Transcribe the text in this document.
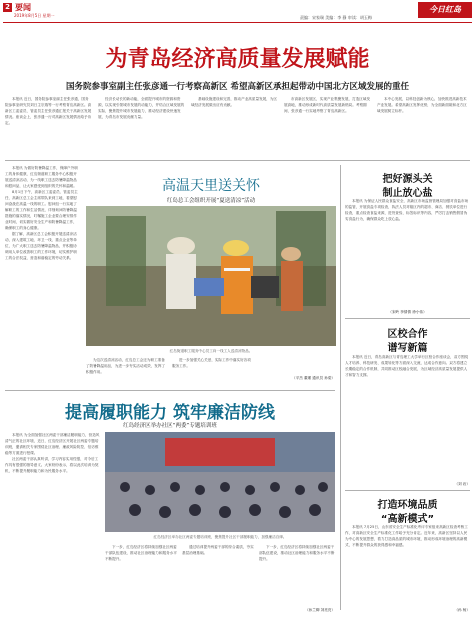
2 要闻
2019年8月5日 星期一	责编：宋家瑞 美编：李 静 审读：胡玉梅
今日红岛
为青岛经济高质量发展赋能
国务院参事室副主任张彦通一行考察高新区 希望高新区承担起带动中国北方区域发展的重任

本报讯 近日，国务院参事室副主任张彦通，国务院参事室研究员刘日主宗瑞等一行考察青岛高新区。高新区工委委员、管委员主任张彦通汇报关于高新区发展情况。座谈会上，张彦通一行对高新区发展情况给予肯定。

经济长动长的新动能，全面提升城市的资源和资源，以实现引领城市发展的动能力，并结合区域发展的实际，聚焦提升城市发展能力，推动经济建设快速发展，为青岛市发展贡献力量。

基础设施建设和完善，推动产业高质量发展，为区域经济发展做出应有贡献。

市高新区发展区，实现产业集聚发展，打造区域发展高地，推动形成新时代高质量发展新格局。考察期间，张彦通一行实地考察了青岛高新区。

本中心发展，以科技创新为核心，加快推进高新技术产业发展。希望高新区发挥优势，为全面新面貌和北方区域发展树立标杆。

本报讯 为做好防暑降温工作，保障户外职工的身体健康，红岛街道职工服务中心积极开展送清凉活动，为一线职工送去防暑降温物品和慰问品，让大家感受到组织的关怀和温暖。

8月1日下午，高新区工委委员、管委员主任、高新区总工会主席带队来到工地，看望慰问奋战在高温一线的职工。慰问组一行实地了解职工的工作和生活情况，详细询问防暑降温措施的落实情况，叮嘱施工企业要合理安排作业时间，切实做好安全生产和防暑降温工作，确保职工的身心健康。

据了解，高新区总工会积极开展送清凉活动，深入建筑工地、环卫一线、重点企业等单位，为广大职工送去防暑降温物品，并积极协调用人单位改善职工的工作环境，切实维护职工的合法权益，营造和谐稳定的劳动关系。

高温天里送关怀
红岛总工会组织开展“夏送清凉”活动
红岛街道职工服务中心员工向一线工人送清凉物品。

为这次送清凉活动，红岛总工会还为职工准备了防暑降温用品，为进一步夯实活动成效，发挥了积极作用。

进一步加强关心关爱，实际工作中落实好各项服务工作。

（平杰 董瑾 通讯员 孙梁）
把好源头关
制止放心盐

本报讯 为保证人民群众食盐安全，高新区市场监督管理局加强对食盐市场的监管，开展食盐专项检查，执法人员对辖区内的超市、商店、餐饮单位进行检查，重点检查食盐来源、进货查验、标签标识等内容，严厉打击销售假冒伪劣食盐行为，确保群众吃上放心盐。

（宋岭 李倩倩 徐小伟）
区校合作
谱写新篇

本报讯 近日，青岛高新区与青岛理工大学举行区校合作座谈会，双方围绕人才培养、科技研发、成果转化等方面深入交流，达成合作意向。双方将建立长期稳定的合作机制，共同推动区校融合发展，为区域经济高质量发展提供人才和智力支撑。

（刘 岩）
打造环境品质
“高新模式”

本报讯 7月25日，山东省安全生产标准化考评专家组来高新区检查考核工作，对高新区安全生产标准化工作给予充分肯定。近年来，高新区坚持以人民为中心的发展思想，着力打造高品质的城市环境，推动形成环境治理的高新模式，不断提升群众的获得感和幸福感。

（孙 杨）
提高履职能力 筑牢廉洁防线
红岛经济区举办社区“两委”专题培训班

本报讯 为全面加强社区两委干部廉洁履职能力，营造风清气正的社区环境，近日，红岛经济区开展社区两委专题培训班，邀请相关专家围绕社区治理、廉政风险防控、信访维稳等方面进行授课。

社区两委干部认真听讲，学习内容实用性强，对今后工作具有很强的指导意义。大家纷纷表示，将以此次培训为契机，不断提升履职能力和为民服务水平。

红岛经济区举办社区两委专题培训班，聚焦提升社区干部履职能力，加强廉洁自律。

下一步，红岛经济区将持续加强社区两委干部队伍建设，推动社区治理能力和服务水平不断提升。

通过培训提升两委干部的综合素质，夯实基层治理基础。

下一步，红岛经济区将持续加强社区两委干部队伍建设，推动社区治理能力和服务水平不断提升。

（孙兰卿 刘亮亮）
